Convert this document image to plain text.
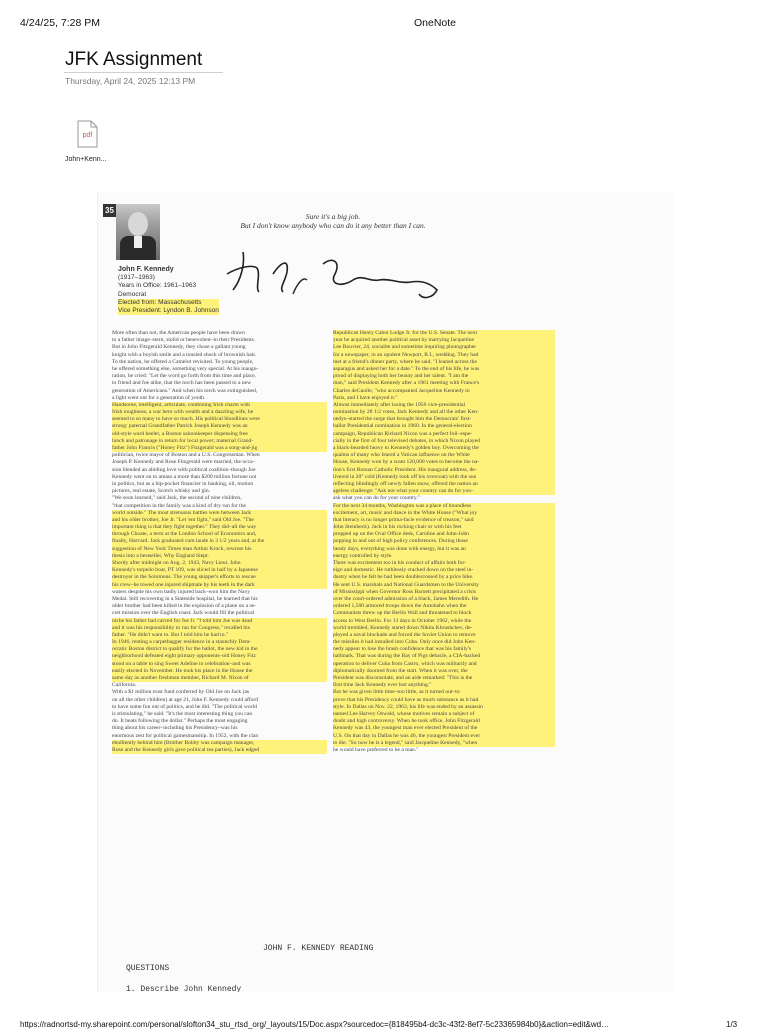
4/24/25, 7:28 PM	OneNote
JFK Assignment
Thursday, April 24, 2025 12:13 PM
pdf
John+Kenn...
35
Sure it's a big job.
But I don't know anybody who can do it any better than I can.
John F. Kennedy
(1917–1963)
Years in Office: 1961–1963
Democrat
Elected from: Massachusetts
Vice President: Lyndon B. Johnson
More often than not, the American people have been drawn
to a father image–stern, stolid or benevolent–in their Presidents.
But in John Fitzgerald Kennedy, they chose a gallant young
knight with a boyish smile and a tousled shock of brownish hair.
To the nation, he offered a Camelot revisited. To young people,
he offered something else, something very special. At his inaugu-
ration, he cried: "Let the word go forth from this time and place,
to friend and foe alike, that the torch has been passed to a new
generation of Americans." And when his torch was extinguished,
a light went out for a generation of youth.
Handsome, intelligent, articulate, combining Irish charm with
Irish toughness, a war hero with wealth and a dazzling wife, he
seemed to so many to have so much. His political bloodlines were
strong: paternal Grandfather Patrick Joseph Kennedy was an
old-style ward heeler, a Boston saloonkeeper dispensing free
lunch and patronage in return for local power; maternal Grand-
father John Francis ("Honey Fitz") Fitzgerald was a song-and-jig
politician, twice mayor of Boston and a U.S. Congressman. When
Joseph P. Kennedy and Rose Fitzgerald were married, the occa-
sion blended an abiding love with political coalition–though Joe
Kennedy went on to amass a more than $200 million fortune not
in politics, but as a hip-pocket financier in banking, oil, motion
pictures, real estate, Scotch whisky and gin.
"We soon learned," said Jack, the second of nine children,
"that competition in the family was a kind of dry run for the
world outside." The most strenuous battles were between Jack
and his older brother, Joe Jr. "Let 'em fight," said Old Joe. "The
important thing is that they fight together." They did–all the way
through Choate, a term at the London School of Economics and,
finally, Harvard. Jack graduated cum laude in 3 1/2 years and, at the
suggestion of New York Times man Arthur Krock, rewrote his
thesis into a bestseller, Why England Slept.
Shortly after midnight on Aug. 2, 1943, Navy Lieut. John
Kennedy's torpedo boat, PT 109, was sliced in half by a Japanese
destroyer in the Solomons. The young skipper's efforts to rescue
his crew–he towed one injured shipmate by his teeth in the dark
waters despite his own badly injured back–won him the Navy
Medal. Still recovering in a Stateside hospital, he learned that his
older brother had been killed in the explosion of a plane on a se-
cret mission over the English coast. Jack would fill the political
niche his father had carved for Joe Jr. "I told him Joe was dead
and it was his responsibility to run for Congress," recalled his
father. "He didn't want to. But I told him he had to."
In 1946, renting a carpetbagger residence in a staunchly Dem-
ocratic Boston district to qualify for the ballot, the new kid in the
neighborhood defeated eight primary opponents–old Honey Fitz
stood on a table to sing Sweet Adeline in celebration–and was
easily elected in November. He took his place in the House the
same day as another freshman member, Richard M. Nixon of
California.
With a $1 million trust fund conferred by Old Joe on Jack (as
on all the other children) at age 21, John F. Kennedy could afford
to have some fun out of politics, and he did. "The political world
is stimulating," he said. "It's the most interesting thing you can
do. It beats following the dollar." Perhaps the most engaging
thing about his career–including his Presidency–was his
enormous zest for political gamesmanship. In 1952, with the clan
ebulliently behind him (Brother Bobby was campaign manager,
Rose and the Kennedy girls gave political tea parties), Jack edged
Republican Henry Cabot Lodge Jr. for the U.S. Senate. The next
year he acquired another political asset by marrying Jacqueline
Lee Bouvier, 24, socialite and sometime inquiring photographer
for a newspaper, in an opulent Newport, R.I., wedding. They had
met at a friend's dinner party, where he said, "I leaned across the
asparagus and asked her for a date." To the end of his life, he was
proud of displaying both her beauty and her talent. "I am the
man," said President Kennedy after a 1961 meeting with France's
Charles deGaulle, "who accompanied Jacqueline Kennedy to
Paris, and I have enjoyed it."
Almost immediately after losing the 1956 vice-presidential
nomination by 28 1/2 votes, Jack Kennedy and all the other Ken-
nedys–started the surge that brought him the Democrats' first-
ballot Presidential nomination in 1960. In the general-election
campaign, Republican Richard Nixon was a perfect foil–espe-
cially in the first of four televised debates, in which Nixon played
a black-bearded heavy to Kennedy's golden boy. Overcoming the
qualms of many who feared a Vatican influence on the White
House, Kennedy won by a scant 120,000 votes to become the na-
tion's first Roman Catholic President. His inaugural address, de-
livered in 20° cold (Kennedy took off his overcoat) with the sun
reflecting blindingly off newly fallen snow, offered the nation an
ageless challenge: "Ask not what your country can do for you–
ask what you can do for your country."
For the next 34 months, Washington was a place of boundless
excitement, art, music and dance in the White House ("What joy
that literacy is no longer prima-facie evidence of treason," said
John Steinbeck). Jack in his rocking chair or with his feet
propped up on the Oval Office desk, Caroline and John-John
popping in and out of high policy conferences. During those
heady days, everything was done with energy, but it was an
energy controlled by style.
There was excitement too in his conduct of affairs both for-
eign and domestic. He ruthlessly cracked down on the steel in-
dustry when he felt he had been doublecrossed by a price hike.
He sent U.S. marshals and National Guardsmen to the University
of Mississippi when Governor Ross Barnett precipitated a crisis
over the court-ordered admission of a black, James Meredith. He
ordered 1,500 armored troops down the Autobahn when the
Communists threw up the Berlin Wall and threatened to block
access to West Berlin. For 13 days in October 1962, while the
world trembled, Kennedy stared down Nikita Khrushchev, de-
ployed a naval blockade and forced the Soviet Union to remove
the missiles it had installed into Cuba. Only once did John Ken-
nedy appear to lose the brash confidence that was his family's
hallmark. That was during the Bay of Pigs debacle, a CIA-backed
operation to deliver Cuba from Castro, which was militarily and
diplomatically doomed from the start. When it was over, the
President was disconsolate, and an aide remarked: "This is the
first time Jack Kennedy ever lost anything."
But he was given little time–too little, as it turned out–to
prove that his Presidency could have as much substance as it had
style. In Dallas on Nov. 22, 1963, his life was ended by an assassin
named Lee Harvey Oswald, whose motives remain a subject of
doubt and high controversy. When he took office, John Fitzgerald
Kennedy was 43, the youngest man ever elected President of the
U.S. On that day in Dallas he was 46, the youngest President ever
to die. "So now he is a legend," said Jacqueline Kennedy, "when
he would have preferred to be a man."
JOHN F. KENNEDY READING
QUESTIONS
1. Describe John Kennedy
https://radnortsd-my.sharepoint.com/personal/slofton34_stu_rtsd_org/_layouts/15/Doc.aspx?sourcedoc={818495b4-dc3c-43f2-8ef7-5c23365984b0}&action=edit&wd…	1/3
